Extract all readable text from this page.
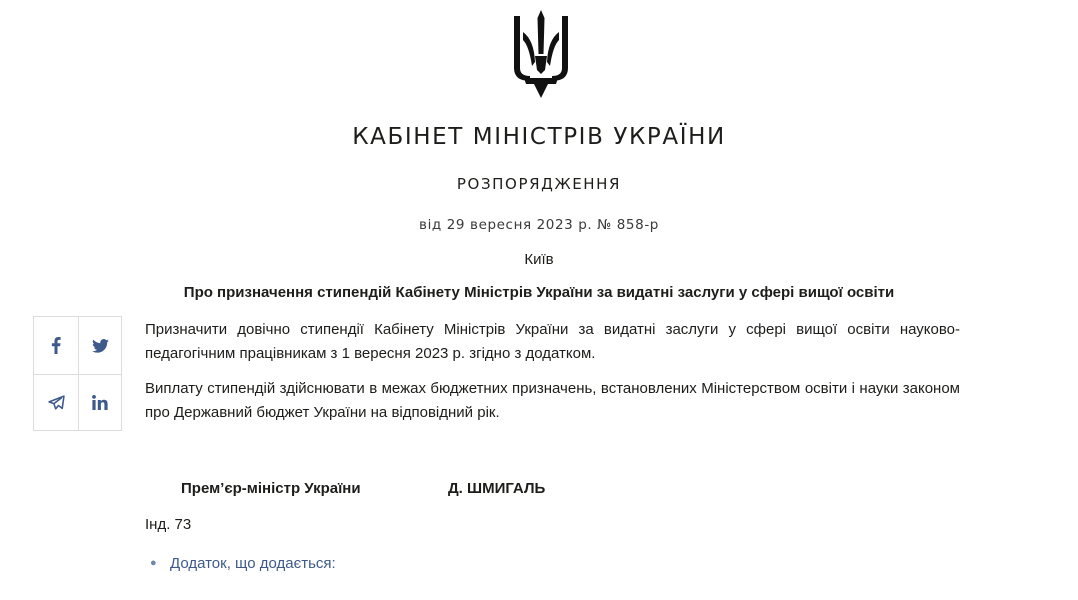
КАБІНЕТ МІНІСТРІВ УКРАЇНИ
РОЗПОРЯДЖЕННЯ
від 29 вересня 2023 р. № 858-р
Київ
Про призначення стипендій Кабінету Міністрів України за видатні заслуги у сфері вищої освіти
Призначити довічно стипендії Кабінету Міністрів України за видатні заслуги у сфері вищої освіти науково-педагогічним працівникам з 1 вересня 2023 р. згідно з додатком.
Виплату стипендій здійснювати в межах бюджетних призначень, встановлених Міністерством освіти і науки законом про Державний бюджет України на відповідний рік.
Прем’єр-міністр України	Д. ШМИГАЛЬ
Інд. 73
● Додаток, що додається:
